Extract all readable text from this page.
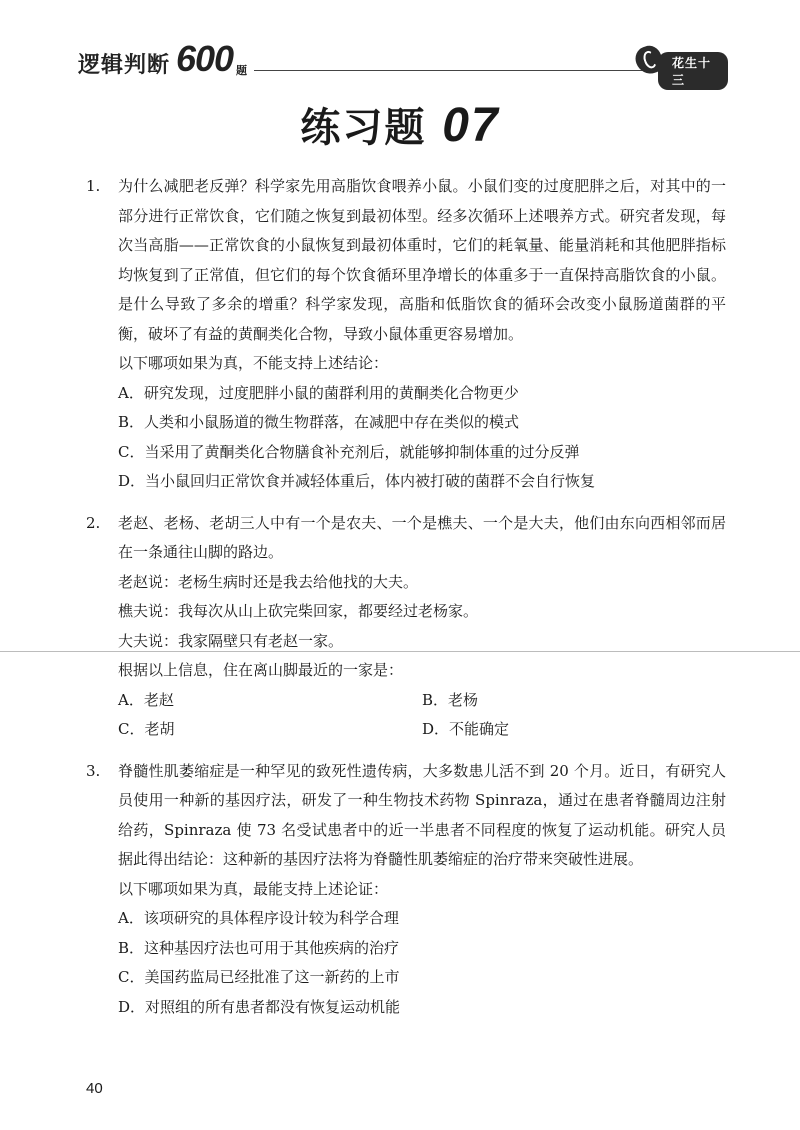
逻辑判断 600 题
花生十三
练习题 07
1. 为什么减肥老反弹？科学家先用高脂饮食喂养小鼠。小鼠们变的过度肥胖之后，对其中的一部分进行正常饮食，它们随之恢复到最初体型。经多次循环上述喂养方式。研究者发现，每次当高脂——正常饮食的小鼠恢复到最初体重时，它们的耗氧量、能量消耗和其他肥胖指标均恢复到了正常值，但它们的每个饮食循环里净增长的体重多于一直保持高脂饮食的小鼠。是什么导致了多余的增重？科学家发现，高脂和低脂饮食的循环会改变小鼠肠道菌群的平衡，破坏了有益的黄酮类化合物，导致小鼠体重更容易增加。
以下哪项如果为真，不能支持上述结论：
A．研究发现，过度肥胖小鼠的菌群利用的黄酮类化合物更少
B．人类和小鼠肠道的微生物群落，在减肥中存在类似的模式
C．当采用了黄酮类化合物膳食补充剂后，就能够抑制体重的过分反弹
D．当小鼠回归正常饮食并减轻体重后，体内被打破的菌群不会自行恢复
2. 老赵、老杨、老胡三人中有一个是农夫、一个是樵夫、一个是大夫，他们由东向西相邻而居在一条通往山脚的路边。
老赵说：老杨生病时还是我去给他找的大夫。
樵夫说：我每次从山上砍完柴回家，都要经过老杨家。
大夫说：我家隔壁只有老赵一家。
根据以上信息，住在离山脚最近的一家是：
A．老赵	B．老杨
C．老胡	D．不能确定
3. 脊髓性肌萎缩症是一种罕见的致死性遗传病，大多数患儿活不到 20 个月。近日，有研究人员使用一种新的基因疗法，研发了一种生物技术药物 Spinraza，通过在患者脊髓周边注射给药，Spinraza 使 73 名受试患者中的近一半患者不同程度的恢复了运动机能。研究人员据此得出结论：这种新的基因疗法将为脊髓性肌萎缩症的治疗带来突破性进展。
以下哪项如果为真，最能支持上述论证：
A．该项研究的具体程序设计较为科学合理
B．这种基因疗法也可用于其他疾病的治疗
C．美国药监局已经批准了这一新药的上市
D．对照组的所有患者都没有恢复运动机能
40
